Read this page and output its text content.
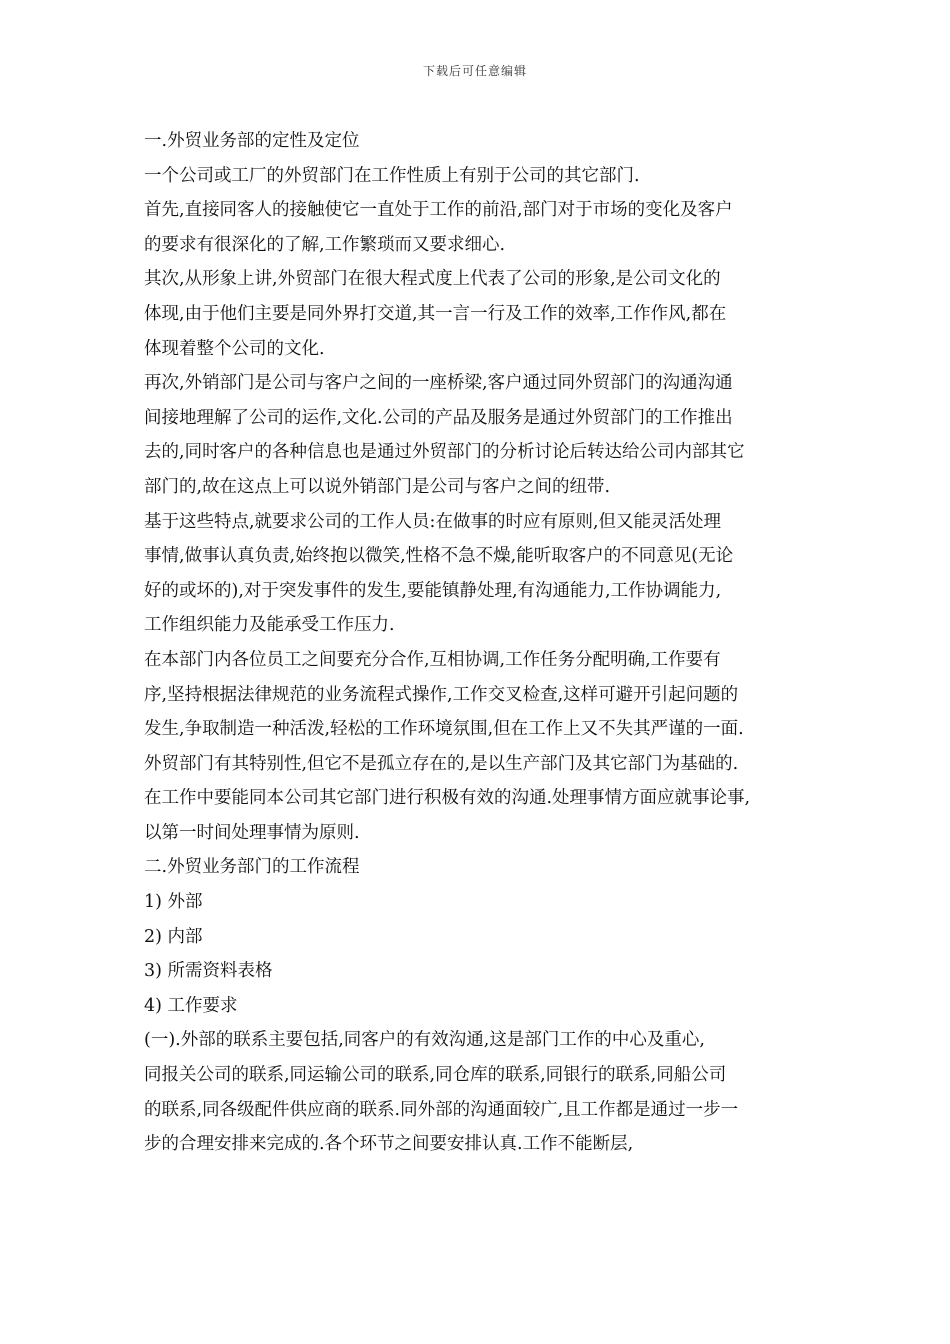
下载后可任意编辑
一.外贸业务部的定性及定位
一个公司或工厂的外贸部门在工作性质上有别于公司的其它部门.
首先,直接同客人的接触使它一直处于工作的前沿,部门对于市场的变化及客户
的要求有很深化的了解,工作繁琐而又要求细心.
其次,从形象上讲,外贸部门在很大程式度上代表了公司的形象,是公司文化的
体现,由于他们主要是同外界打交道,其一言一行及工作的效率,工作作风,都在
体现着整个公司的文化.
再次,外销部门是公司与客户之间的一座桥梁,客户通过同外贸部门的沟通沟通
间接地理解了公司的运作,文化.公司的产品及服务是通过外贸部门的工作推出
去的,同时客户的各种信息也是通过外贸部门的分析讨论后转达给公司内部其它
部门的,故在这点上可以说外销部门是公司与客户之间的纽带.
基于这些特点,就要求公司的工作人员:在做事的时应有原则,但又能灵活处理
事情,做事认真负责,始终抱以微笑,性格不急不燥,能听取客户的不同意见(无论
好的或坏的),对于突发事件的发生,要能镇静处理,有沟通能力,工作协调能力,
工作组织能力及能承受工作压力.
在本部门内各位员工之间要充分合作,互相协调,工作任务分配明确,工作要有
序,坚持根据法律规范的业务流程式操作,工作交叉检查,这样可避开引起问题的
发生,争取制造一种活泼,轻松的工作环境氛围,但在工作上又不失其严谨的一面.
外贸部门有其特别性,但它不是孤立存在的,是以生产部门及其它部门为基础的.
在工作中要能同本公司其它部门进行积极有效的沟通.处理事情方面应就事论事,
以第一时间处理事情为原则.
二.外贸业务部门的工作流程
1) 外部
2) 内部
3) 所需资料表格
4) 工作要求
(一).外部的联系主要包括,同客户的有效沟通,这是部门工作的中心及重心,
同报关公司的联系,同运输公司的联系,同仓库的联系,同银行的联系,同船公司
的联系,同各级配件供应商的联系.同外部的沟通面较广,且工作都是通过一步一
步的合理安排来完成的.各个环节之间要安排认真.工作不能断层,
